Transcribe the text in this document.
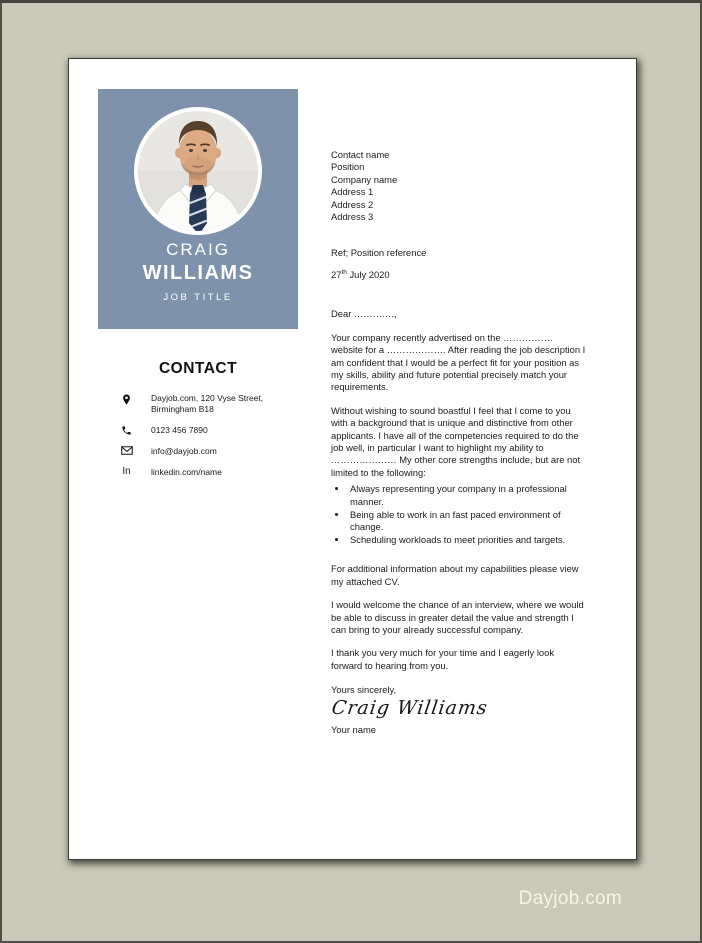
CRAIG
WILLIAMS
JOB TITLE
CONTACT
Dayjob.com, 120 Vyse Street, Birmingham B18
0123 456 7890
info@dayjob.com
In linkedin.com/name
Contact name
Position
Company name
Address 1
Address 2
Address 3
Ref; Position reference
27th July 2020
Dear ………….,
Your company recently advertised on the ……………. website for a ………………. After reading the job description I am confident that I would be a perfect fit for your position as my skills, ability and future potential precisely match your requirements.
Without wishing to sound boastful I feel that I come to you with a background that is unique and distinctive from other applicants. I have all of the competencies required to do the job well, in particular I want to highlight my ability to ………………… My other core strengths include, but are not limited to the following:
• Always representing your company in a professional manner.
• Being able to work in an fast paced environment of change.
• Scheduling workloads to meet priorities and targets.
For additional information about my capabilities please view my attached CV.
I would welcome the chance of an interview, where we would be able to discuss in greater detail the value and strength I can bring to your already successful company.
I thank you very much for your time and I eagerly look forward to hearing from you.
Yours sincerely,
Craig Williams
Your name
Dayjob.com
